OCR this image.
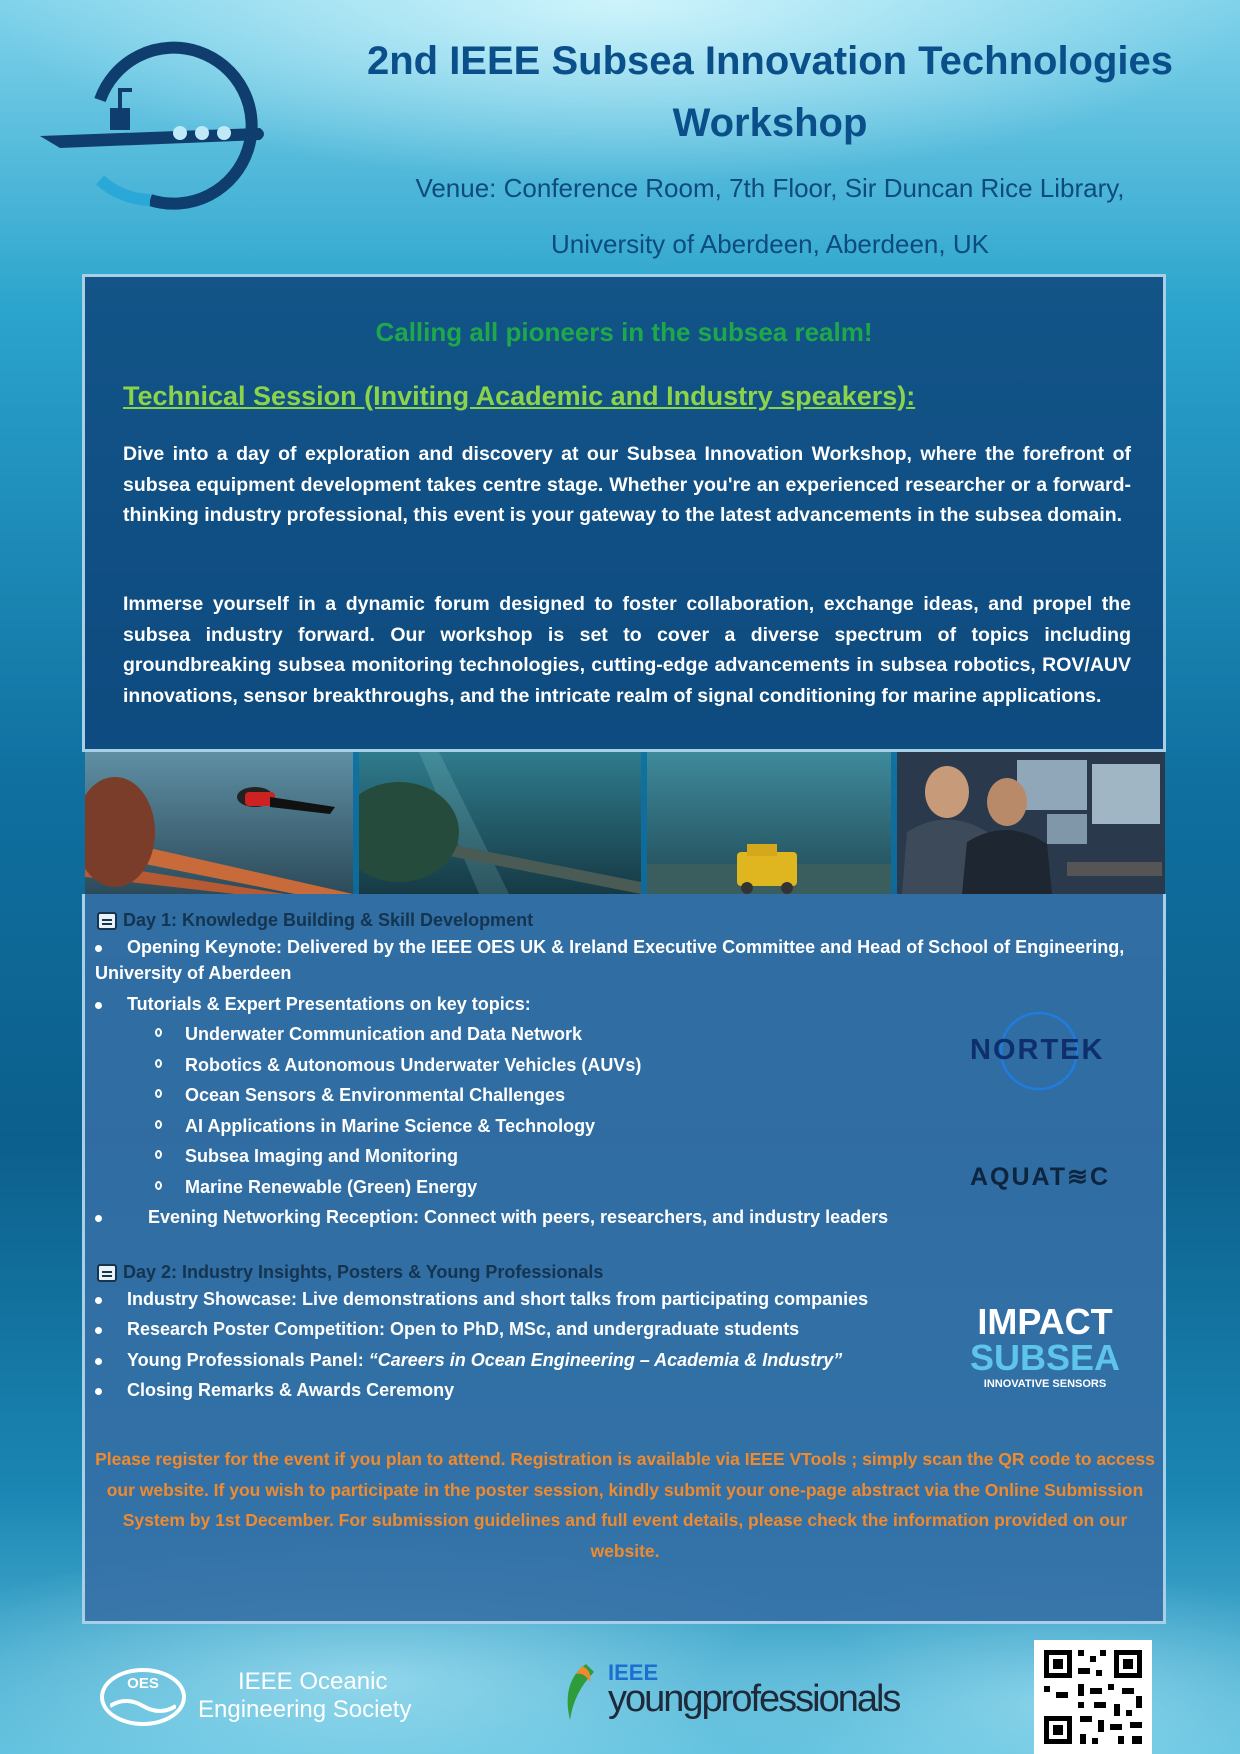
2nd IEEE Subsea Innovation Technologies Workshop
Venue: Conference Room, 7th Floor, Sir Duncan Rice Library,
University of Aberdeen, Aberdeen, UK
Calling all pioneers in the subsea realm!
Technical Session (Inviting Academic and Industry speakers):
Dive into a day of exploration and discovery at our Subsea Innovation Workshop, where the forefront of subsea equipment development takes centre stage. Whether you're an experienced researcher or a forward-thinking industry professional, this event is your gateway to the latest advancements in the subsea domain.
Immerse yourself in a dynamic forum designed to foster collaboration, exchange ideas, and propel the subsea industry forward. Our workshop is set to cover a diverse spectrum of topics including groundbreaking subsea monitoring technologies, cutting-edge advancements in subsea robotics, ROV/AUV innovations, sensor breakthroughs, and the intricate realm of signal conditioning for marine applications.
Day 1: Knowledge Building & Skill Development
Opening Keynote: Delivered by the IEEE OES UK & Ireland Executive Committee and Head of School of Engineering,
University of Aberdeen
Tutorials & Expert Presentations on key topics:
Underwater Communication and Data Network
Robotics & Autonomous Underwater Vehicles (AUVs)
Ocean Sensors & Environmental Challenges
AI Applications in Marine Science & Technology
Subsea Imaging and Monitoring
Marine Renewable (Green) Energy
Evening Networking Reception: Connect with peers, researchers, and industry leaders
Day 2: Industry Insights, Posters & Young Professionals
Industry Showcase: Live demonstrations and short talks from participating companies
Research Poster Competition: Open to PhD, MSc, and undergraduate students
Young Professionals Panel: “Careers in Ocean Engineering – Academia & Industry”
Closing Remarks & Awards Ceremony
NORTEK
AQUAT≋C
IMPACT
SUBSEA
INNOVATIVE SENSORS
Please register for the event if you plan to attend. Registration is available via IEEE VTools ; simply scan the QR code to access our website. If you wish to participate in the poster session, kindly submit your one-page abstract via the Online Submission System by 1st December. For submission guidelines and full event details, please check the information provided on our website.
OES	IEEE Oceanic
Engineering Society
IEEE
youngprofessionals
